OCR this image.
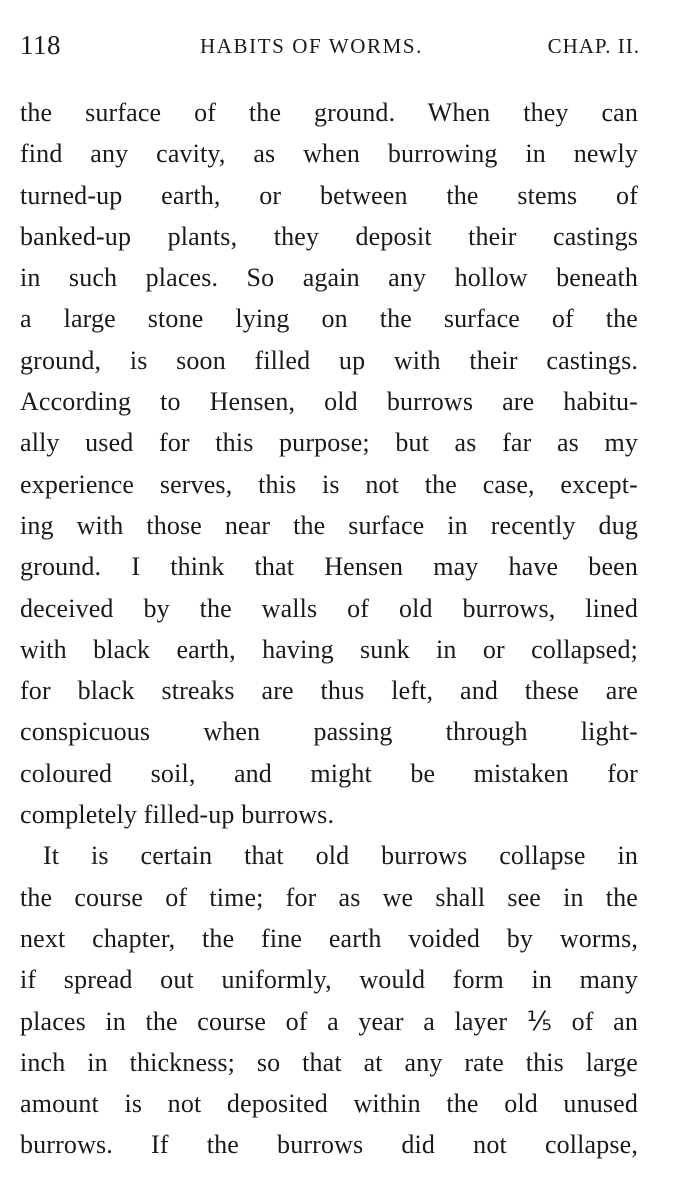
118	HABITS OF WORMS.	CHAP. II.
the surface of the ground. When they can
find any cavity, as when burrowing in newly
turned-up earth, or between the stems of
banked-up plants, they deposit their castings
in such places. So again any hollow beneath
a large stone lying on the surface of the
ground, is soon filled up with their castings.
According to Hensen, old burrows are habitu-
ally used for this purpose; but as far as my
experience serves, this is not the case, except-
ing with those near the surface in recently dug
ground. I think that Hensen may have been
deceived by the walls of old burrows, lined
with black earth, having sunk in or collapsed;
for black streaks are thus left, and these are
conspicuous when passing through light-
coloured soil, and might be mistaken for
completely filled-up burrows.
It is certain that old burrows collapse in
the course of time; for as we shall see in the
next chapter, the fine earth voided by worms,
if spread out uniformly, would form in many
places in the course of a year a layer ⅕ of an
inch in thickness; so that at any rate this large
amount is not deposited within the old unused
burrows. If the burrows did not collapse,
